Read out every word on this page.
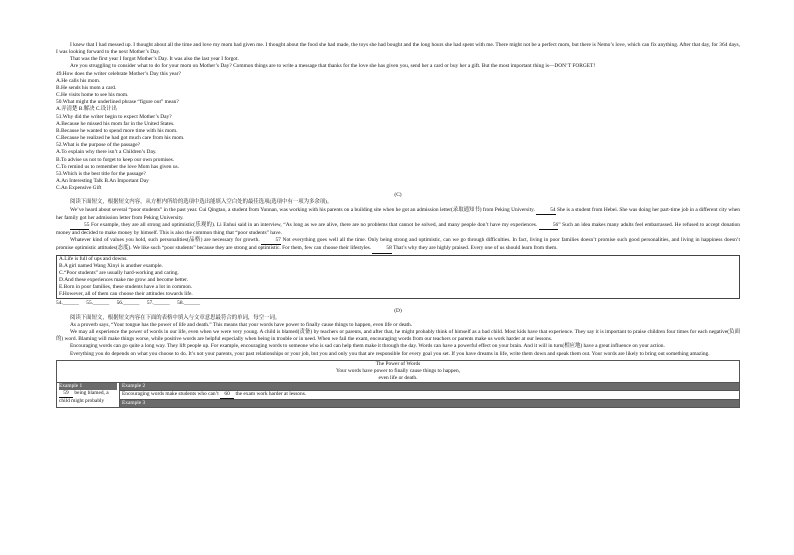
I knew that I had messed up. I thought about all the time and love my mom had given me. I thought about the food she had made, the toys she had bought and the long hours she had spent with me. There might not be a perfect mom, but there is Nemo’s love, which can fix anything. After that day, for 364 days, I was looking forward to the next Mother’s Day.

That was the first year I forgot Mother’s Day. It was also the last year I forgot.

Are you struggling to consider what to do for your mom on Mother’s Day? Common things are to write a message that thanks for the love she has given you, send her a card or buy her a gift. But the most important thing is—DON’T FORGET!

49.How does the writer celebrate Mother’s Day this year?

A.He calls his mom.

B.He sends his mom a card.

C.He visits home to see his mom.

50.What might the underlined phrase “figure out” mean?

A.弄清楚 B.解决 C.设计出

51.Why did the writer begin to expect Mother’s Day?

A.Because he missed his mom far in the United States.

B.Because he wanted to spend more time with his mom.

C.Because he realized he had got much care from his mom.

52.What is the purpose of the passage?

A.To explain why there isn’t a Children’s Day.

B.To advise us not to forget to keep our own promises.

C.To remind us to remember the love Mom has given us.

53.Which is the best title for the passage?

A.An Interesting Talk B.An Important Day

C.An Expensive Gift

(C)

阅读下面短文，根据短文内容，从方框内所给的选项中选出能填入空白处的最佳选项(选项中有一项为多余项)。

We’ve heard about several “poor students” in the past year. Cui Qingtao, a student from Yunnan, was working with his parents on a building site when he got an admission letter(录取通知书) from Peking University.	54 She is a student from Hebei. She was doing her part-time job in a different city when her family got her admission letter from Peking University.

55 For example, they are all strong and optimistic(乐观的). Li Enhui said in an interview, “As long as we are alive, there are no problems that cannot be solved, and many people don’t have my experiences.	56” Such an idea makes many adults feel embarrassed. He refused to accept donation money and decided to make money by himself. This is also the common thing that “poor students” have.

Whatever kind of values you hold, such personalities(品格) are necessary for growth.	57 Not everything goes well all the time. Only being strong and optimistic, can we go through difficulties. In fact, living in poor families doesn’t promise such good personalities, and living in happiness doesn’t promise optimistic attitudes(态度). We like such “poor students” because they are strong and optimistic. For them, few can choose their lifestyles.	58 That’s why they are highly praised. Every one of us should learn from them.

A.Life is full of ups and downs.

B.A girl named Wang Xinyi is another example.

C.“Poor students” are usually hard-working and caring.

D.And these experiences make me grow and become better.

E.Born in poor families, these students have a lot in common.

F.However, all of them can choose their attitudes towards life.

54.______ 55.______ 56.______ 57.______ 58.______

(D)

阅读下面短文，根据短文内容在下面的表格中填入与文章意思最符合的单词，每空一词。

As a proverb says, “Your tongue has the power of life and death.” This means that your words have power to finally cause things to happen, even life or death.

We may all experience the power of words in our life, even when we were very young. A child is blamed(责备) by teachers or parents, and after that, he might probably think of himself as a bad child. Most kids have that experience. They say it is important to praise children four times for each negative(负面的) word. Blaming will make things worse, while positive words are helpful especially when being in trouble or in need. When we fail the exam, encouraging words from our teachers or parents make us work harder at our lessons.

Encouraging words can go quite a long way. They lift people up. For example, encouraging words to someone who is sad can help them make it through the day. Words can have a powerful effect on your brain. And it will in turn(相应地) have a great influence on your action.

Everything you do depends on what you choose to do. It’s not your parents, your past relationships or your job, but you and only you that are responsible for every goal you set. If you have dreams in life, write them down and speak them out. Your words are likely to bring out something amazing.

The Power of Words
Your words have power to finally cause things to happen,
even life or death.

Example 1
59 being blamed, a child might probably
	Example 2
Encouraging words make students who can’t 60 the exam work harder at lessons.
Example 3
